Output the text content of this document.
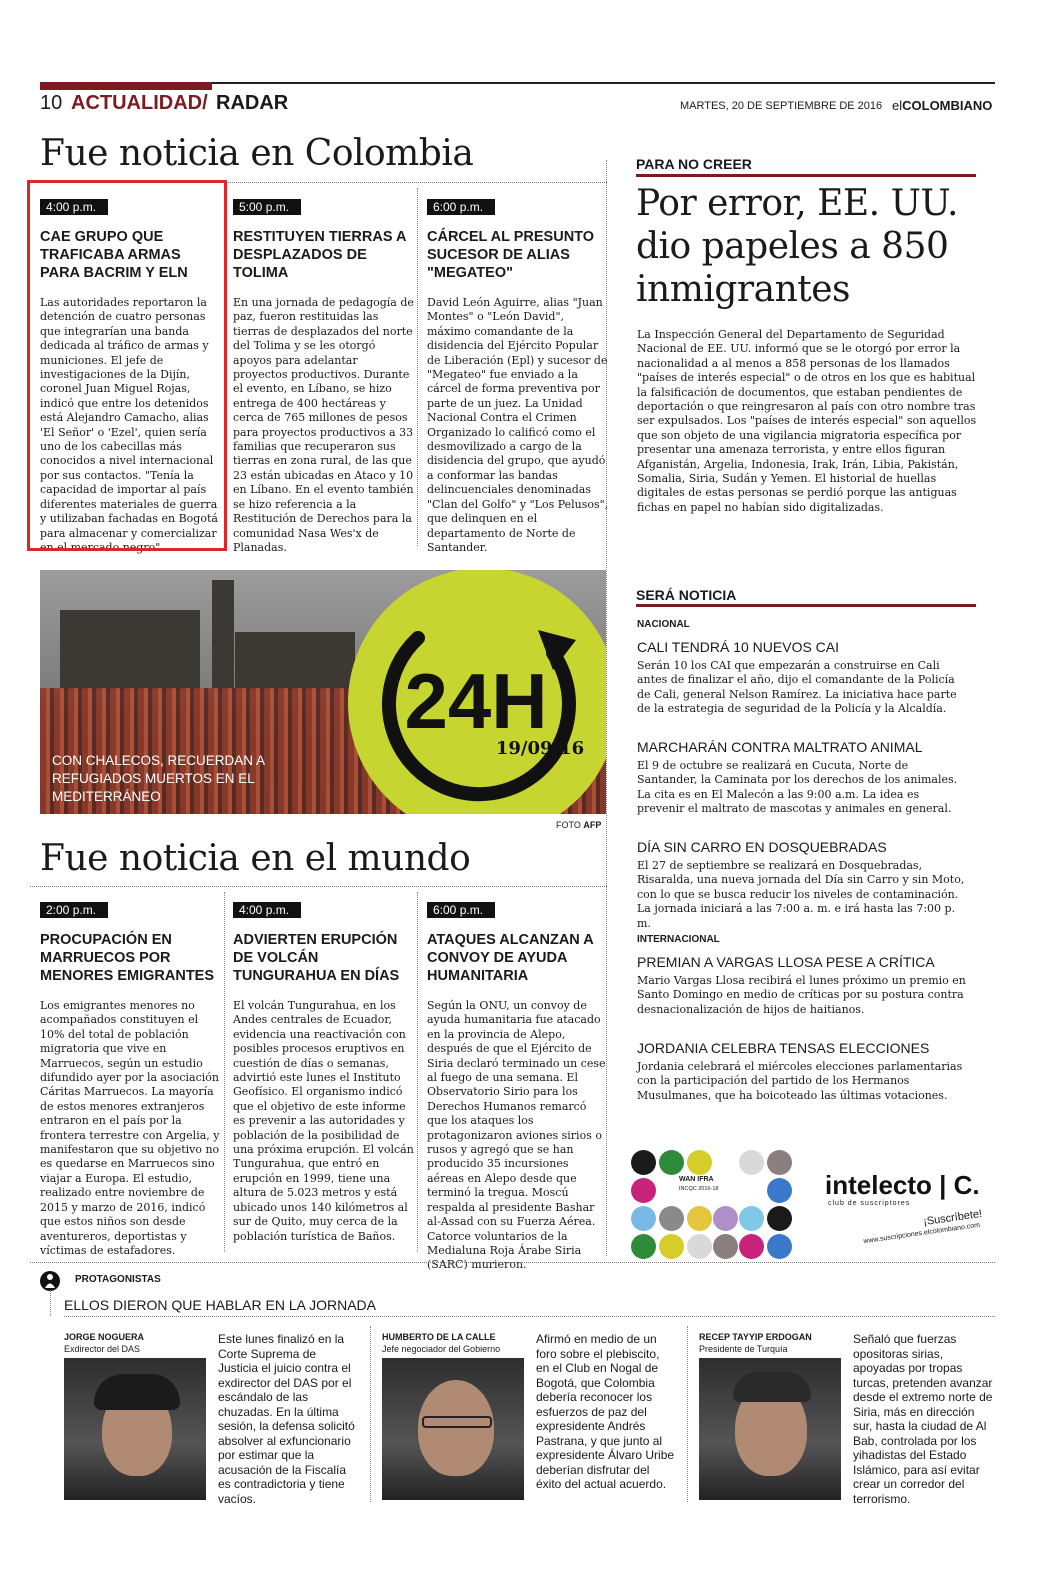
10 ACTUALIDAD/ RADAR	MARTES, 20 DE SEPTIEMBRE DE 2016 elCOLOMBIANO
Fue noticia en Colombia
4:00 p.m.
CAE GRUPO QUE TRAFICABA ARMAS PARA BACRIM Y ELN
Las autoridades reportaron la detención de cuatro personas que integrarían una banda dedicada al tráfico de armas y municiones. El jefe de investigaciones de la Dijín, coronel Juan Miguel Rojas, indicó que entre los detenidos está Alejandro Camacho, alias 'El Señor' o 'Ezel', quien sería uno de los cabecillas más conocidos a nivel internacional por sus contactos. "Tenía la capacidad de importar al país diferentes materiales de guerra y utilizaban fachadas en Bogotá para almacenar y comercializar en el mercado negro".
5:00 p.m.
RESTITUYEN TIERRAS A DESPLAZADOS DE TOLIMA
En una jornada de pedagogía de paz, fueron restituidas las tierras de desplazados del norte del Tolima y se les otorgó apoyos para adelantar proyectos productivos. Durante el evento, en Líbano, se hizo entrega de 400 hectáreas y cerca de 765 millones de pesos para proyectos productivos a 33 familias que recuperaron sus tierras en zona rural, de las que 23 están ubicadas en Ataco y 10 en Líbano. En el evento también se hizo referencia a la Restitución de Derechos para la comunidad Nasa Wes'x de Planadas.
6:00 p.m.
CÁRCEL AL PRESUNTO SUCESOR DE ALIAS "MEGATEO"
David León Aguirre, alias "Juan Montes" o "León David", máximo comandante de la disidencia del Ejército Popular de Liberación (Epl) y sucesor de "Megateo" fue enviado a la cárcel de forma preventiva por parte de un juez. La Unidad Nacional Contra el Crimen Organizado lo calificó como el desmovilizado a cargo de la disidencia del grupo, que ayudó a conformar las bandas delincuenciales denominadas "Clan del Golfo" y "Los Pelusos", que delinquen en el departamento de Norte de Santander.
PARA NO CREER
Por error, EE. UU. dio papeles a 850 inmigrantes
La Inspección General del Departamento de Seguridad Nacional de EE. UU. informó que se le otorgó por error la nacionalidad a al menos a 858 personas de los llamados "países de interés especial" o de otros en los que es habitual la falsificación de documentos, que estaban pendientes de deportación o que reingresaron al país con otro nombre tras ser expulsados. Los "países de interés especial" son aquellos que son objeto de una vigilancia migratoria específica por presentar una amenaza terrorista, y entre ellos figuran Afganistán, Argelia, Indonesia, Irak, Irán, Libia, Pakistán, Somalia, Siria, Sudán y Yemen. El historial de huellas digitales de estas personas se perdió porque las antiguas fichas en papel no habían sido digitalizadas.
24H
19/09/16
CON CHALECOS, RECUERDAN A REFUGIADOS MUERTOS EN EL MEDITERRÁNEO
FOTO AFP
SERÁ NOTICIA
NACIONAL
CALI TENDRÁ 10 NUEVOS CAI
Serán 10 los CAI que empezarán a construirse en Cali antes de finalizar el año, dijo el comandante de la Policía de Cali, general Nelson Ramírez. La iniciativa hace parte de la estrategia de seguridad de la Policía y la Alcaldía.
MARCHARÁN CONTRA MALTRATO ANIMAL
El 9 de octubre se realizará en Cucuta, Norte de Santander, la Caminata por los derechos de los animales. La cita es en El Malecón a las 9:00 a.m. La idea es prevenir el maltrato de mascotas y animales en general.
DÍA SIN CARRO EN DOSQUEBRADAS
El 27 de septiembre se realizará en Dosquebradas, Risaralda, una nueva jornada del Día sin Carro y sin Moto, con lo que se busca reducir los niveles de contaminación. La jornada iniciará a las 7:00 a. m. e irá hasta las 7:00 p. m.
INTERNACIONAL
PREMIAN A VARGAS LLOSA PESE A CRÍTICA
Mario Vargas Llosa recibirá el lunes próximo un premio en Santo Domingo en medio de críticas por su postura contra desnacionalización de hijos de haitianos.
JORDANIA CELEBRA TENSAS ELECCIONES
Jordania celebrará el miércoles elecciones parlamentarias con la participación del partido de los Hermanos Musulmanes, que ha boicoteado las últimas votaciones.
Fue noticia en el mundo
2:00 p.m.
PROCUPACIÓN EN MARRUECOS POR MENORES EMIGRANTES
Los emigrantes menores no acompañados constituyen el 10% del total de población migratoria que vive en Marruecos, según un estudio difundido ayer por la asociación Cáritas Marruecos. La mayoría de estos menores extranjeros entraron en el país por la frontera terrestre con Argelia, y manifestaron que su objetivo no es quedarse en Marruecos sino viajar a Europa. El estudio, realizado entre noviembre de 2015 y marzo de 2016, indicó que estos niños son desde aventureros, deportistas y víctimas de estafadores.
4:00 p.m.
ADVIERTEN ERUPCIÓN DE VOLCÁN TUNGURAHUA EN DÍAS
El volcán Tungurahua, en los Andes centrales de Ecuador, evidencia una reactivación con posibles procesos eruptivos en cuestión de días o semanas, advirtió este lunes el Instituto Geofísico. El organismo indicó que el objetivo de este informe es prevenir a las autoridades y población de la posibilidad de una próxima erupción. El volcán Tungurahua, que entró en erupción en 1999, tiene una altura de 5.023 metros y está ubicado unos 140 kilómetros al sur de Quito, muy cerca de la población turística de Baños.
6:00 p.m.
ATAQUES ALCANZAN A CONVOY DE AYUDA HUMANITARIA
Según la ONU, un convoy de ayuda humanitaria fue atacado en la provincia de Alepo, después de que el Ejército de Siria declaró terminado un cese al fuego de una semana. El Observatorio Sirio para los Derechos Humanos remarcó que los ataques los protagonizaron aviones sirios o rusos y agregó que se han producido 35 incursiones aéreas en Alepo desde que terminó la tregua. Moscú respalda al presidente Bashar al-Assad con su Fuerza Aérea. Catorce voluntarios de la Medialuna Roja Árabe Siria (SARC) murieron.
WAN IFRA
INCQC 2016-18	intelecto | C.
club de suscriptores
¡Suscríbete!
www.suscripciones.elcolombiano.com
PROTAGONISTAS
ELLOS DIERON QUE HABLAR EN LA JORNADA
JORGE NOGUERA
Exdirector del DAS
Este lunes finalizó en la Corte Suprema de Justicia el juicio contra el exdirector del DAS por el escándalo de las chuzadas. En la última sesión, la defensa solicitó absolver al exfuncionario por estimar que la acusación de la Fiscalía es contradictoria y tiene vacíos.
HUMBERTO DE LA CALLE
Jefe negociador del Gobierno
Afirmó en medio de un foro sobre el plebiscito, en el Club en Nogal de Bogotá, que Colombia debería reconocer los esfuerzos de paz del expresidente Andrés Pastrana, y que junto al expresidente Álvaro Uribe deberían disfrutar del éxito del actual acuerdo.
RECEP TAYYIP ERDOGAN
Presidente de Turquía
Señaló que fuerzas opositoras sirias, apoyadas por tropas turcas, pretenden avanzar desde el extremo norte de Siria, más en dirección sur, hasta la ciudad de Al Bab, controlada por los yihadistas del Estado Islámico, para así evitar crear un corredor del terrorismo.
